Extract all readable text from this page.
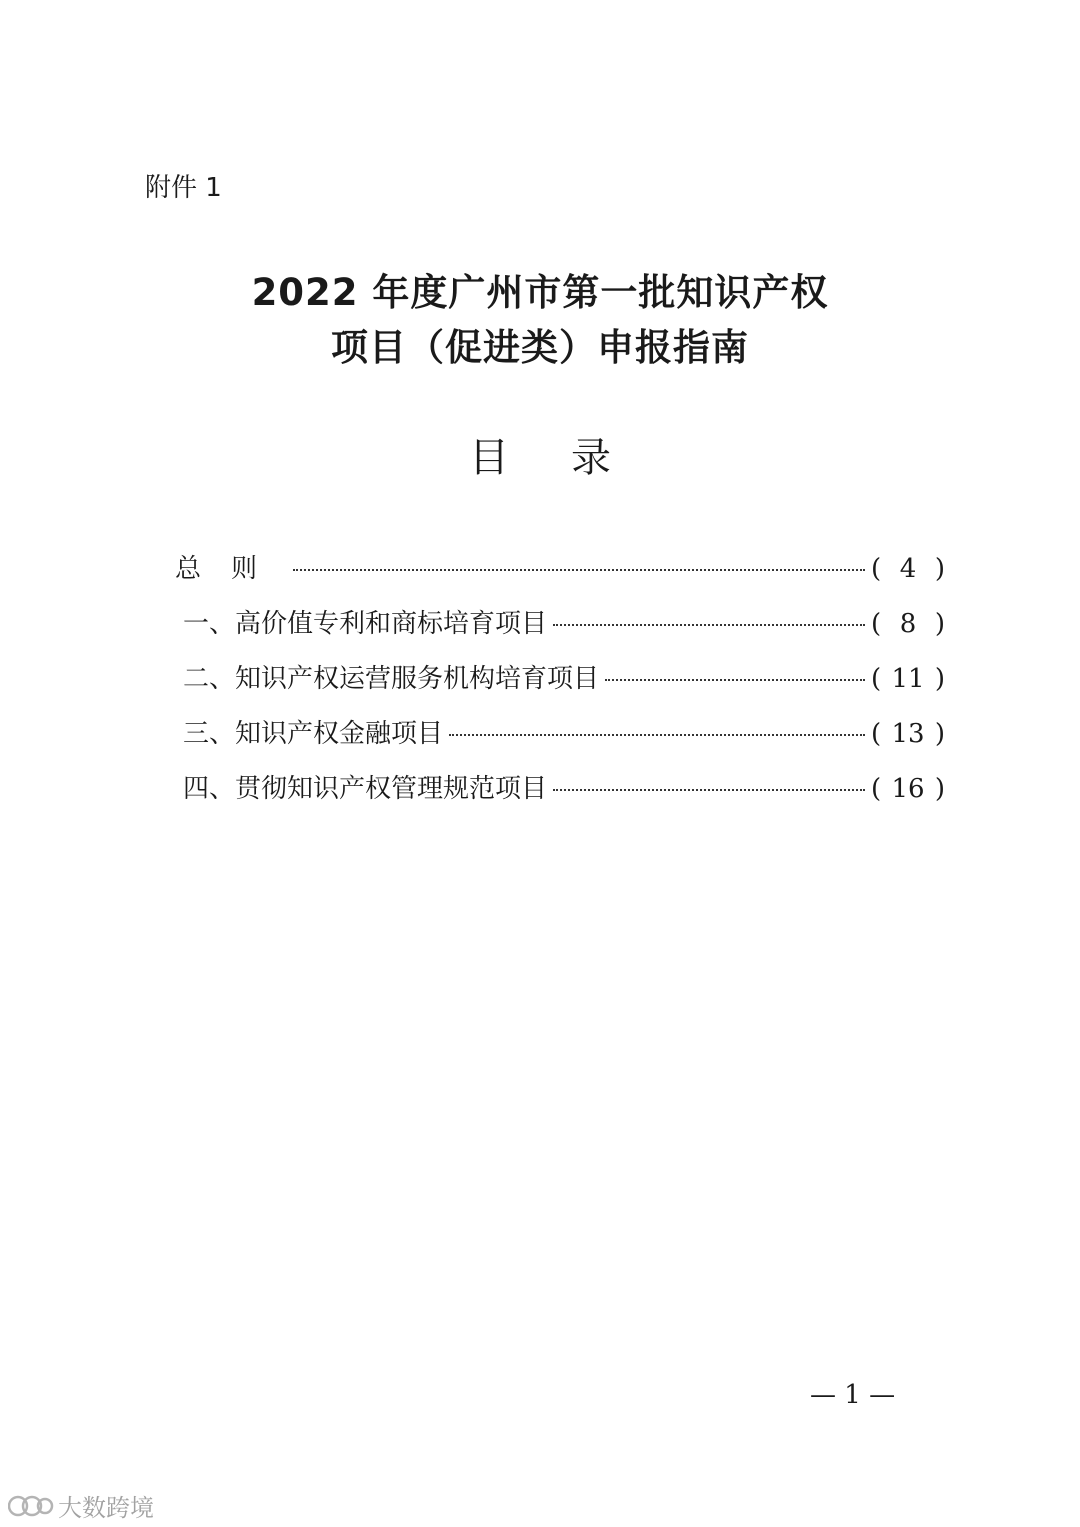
附件 1
2022 年度广州市第一批知识产权
项目（促进类）申报指南
目录
总则	( 4 )
一、高价值专利和商标培育项目	( 8 )
二、知识产权运营服务机构培育项目	( 11 )
三、知识产权金融项目	( 13 )
四、贯彻知识产权管理规范项目	( 16 )
— 1 —
大数跨境
